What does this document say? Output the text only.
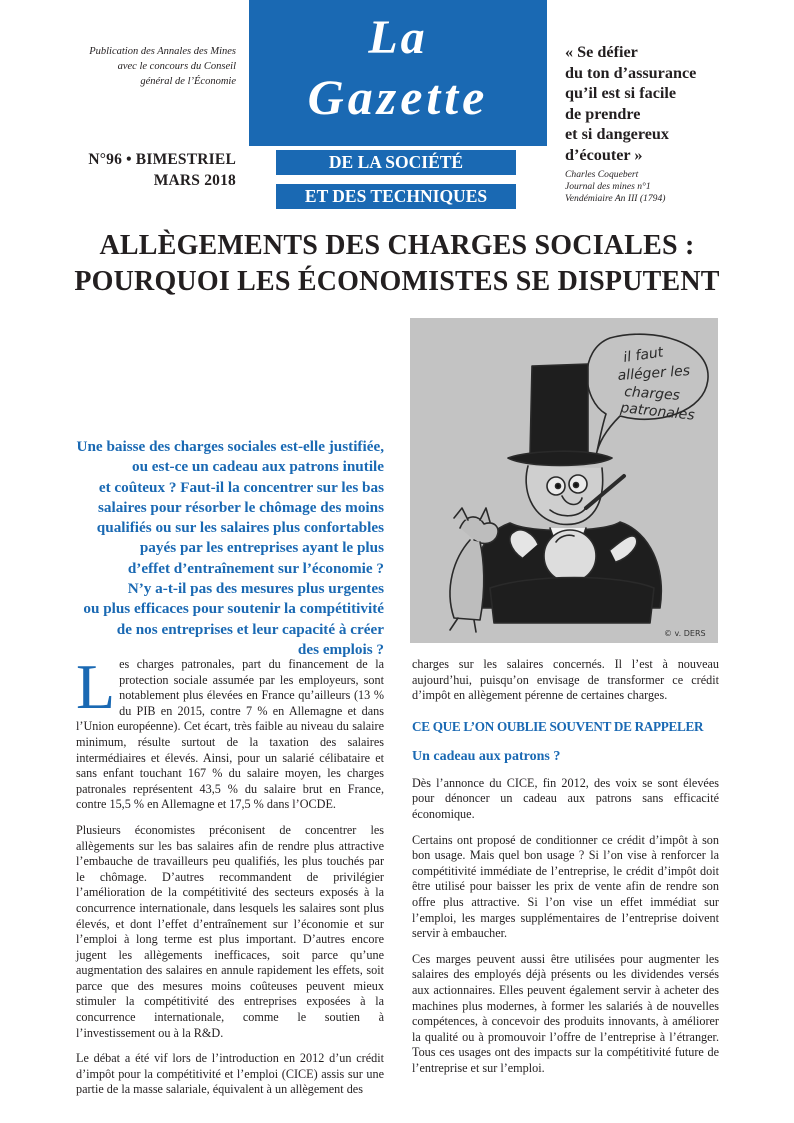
Publication des Annales des Mines
avec le concours du Conseil
général de l’Économie
N°96 • BIMESTRIEL
MARS 2018
La
Gazette
DE LA SOCIÉTÉ
ET DES TECHNIQUES
« Se défier
du ton d’assurance
qu’il est si facile
de prendre
et si dangereux
d’écouter »
Charles Coquebert
Journal des mines n°1
Vendémiaire An III (1794)
ALLÈGEMENTS DES CHARGES SOCIALES :
POURQUOI LES ÉCONOMISTES SE DISPUTENT
Une baisse des charges sociales est-elle justifiée,
ou est-ce un cadeau aux patrons inutile
et coûteux ? Faut-il la concentrer sur les bas
salaires pour résorber le chômage des moins
qualifiés ou sur les salaires plus confortables
payés par les entreprises ayant le plus
d’effet d’entraînement sur l’économie ?
N’y a-t-il pas des mesures plus urgentes
ou plus efficaces pour soutenir la compétitivité
de nos entreprises et leur capacité à créer
des emplois ?
il faut
alléger les
charges
patronales
© v. DERS

Les charges patronales, part du financement de la protection sociale assumée par les employeurs, sont notablement plus élevées en France qu’ailleurs (13 % du PIB en 2015, contre 7 % en Allemagne et dans l’Union européenne). Cet écart, très faible au niveau du salaire minimum, résulte surtout de la taxation des salaires intermédiaires et élevés. Ainsi, pour un salarié célibataire et sans enfant touchant 167 % du salaire moyen, les charges patronales représentent 43,5 % du salaire brut en France, contre 15,5 % en Allemagne et 17,5 % dans l’OCDE.

Plusieurs économistes préconisent de concentrer les allègements sur les bas salaires afin de rendre plus attractive l’embauche de travailleurs peu qualifiés, les plus touchés par le chômage. D’autres recommandent de privilégier l’amélioration de la compétitivité des secteurs exposés à la concurrence internationale, dans lesquels les salaires sont plus élevés, et dont l’effet d’entraînement sur l’économie et sur l’emploi à long terme est plus important. D’autres encore jugent les allègements inefficaces, soit parce qu’une augmentation des salaires en annule rapidement les effets, soit parce que des mesures moins coûteuses peuvent mieux stimuler la compétitivité des entreprises exposées à la concurrence internationale, comme le soutien à l’investissement ou à la R&D.

Le débat a été vif lors de l’introduction en 2012 d’un crédit d’impôt pour la compétitivité et l’emploi (CICE) assis sur une partie de la masse salariale, équivalent à un allègement des

charges sur les salaires concernés. Il l’est à nouveau aujourd’hui, puisqu’on envisage de transformer ce crédit d’impôt en allègement pérenne de certaines charges.

CE QUE L’ON OUBLIE SOUVENT DE RAPPELER
Un cadeau aux patrons ?

Dès l’annonce du CICE, fin 2012, des voix se sont élevées pour dénoncer un cadeau aux patrons sans efficacité économique.

Certains ont proposé de conditionner ce crédit d’impôt à son bon usage. Mais quel bon usage ? Si l’on vise à renforcer la compétitivité immédiate de l’entreprise, le crédit d’impôt doit être utilisé pour baisser les prix de vente afin de rendre son offre plus attractive. Si l’on vise un effet immédiat sur l’emploi, les marges supplémentaires de l’entreprise doivent servir à embaucher.

Ces marges peuvent aussi être utilisées pour augmenter les salaires des employés déjà présents ou les dividendes versés aux actionnaires. Elles peuvent également servir à acheter des machines plus modernes, à former les salariés à de nouvelles compétences, à concevoir des produits innovants, à améliorer la qualité ou à promouvoir l’offre de l’entreprise à l’étranger. Tous ces usages ont des impacts sur la compétitivité future de l’entreprise et sur l’emploi.
